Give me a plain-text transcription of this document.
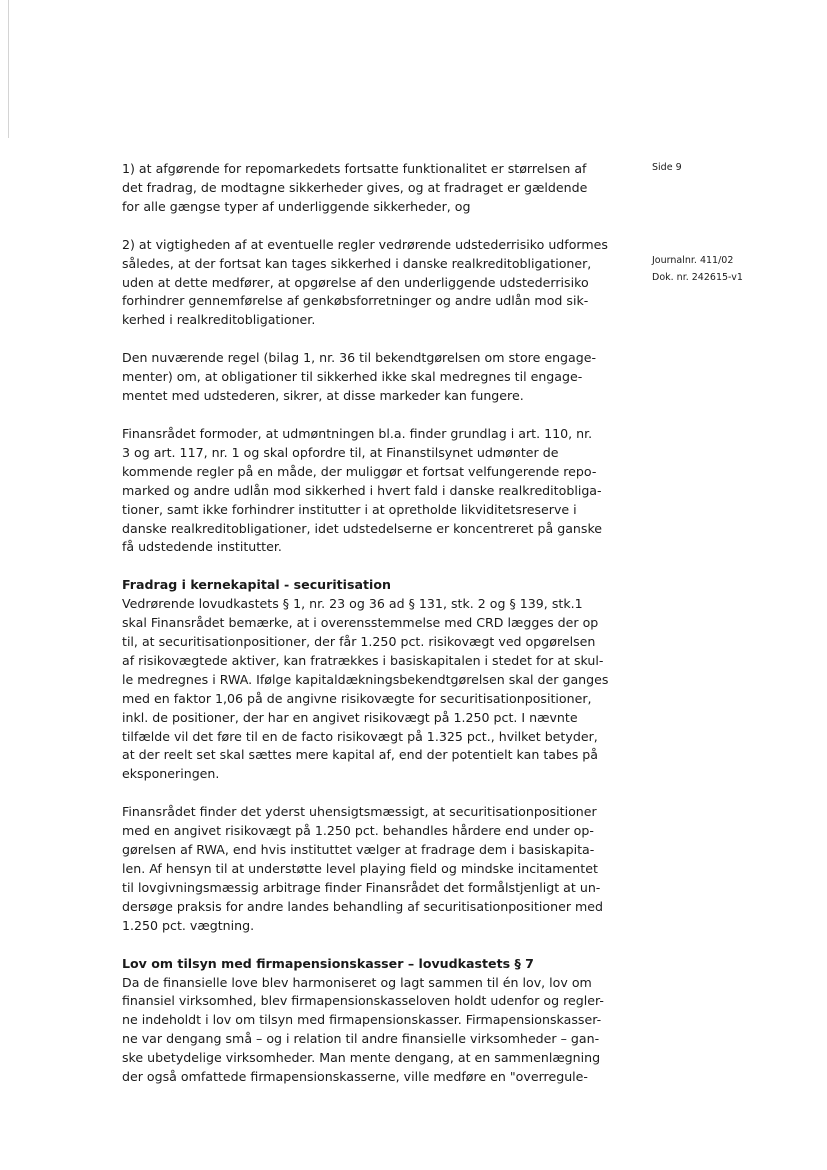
Side 9
Journalnr. 411/02
Dok. nr. 242615-v1

1) at afgørende for repomarkedets fortsatte funktionalitet er størrelsen af
det fradrag, de modtagne sikkerheder gives, og at fradraget er gældende
for alle gængse typer af underliggende sikkerheder, og

2) at vigtigheden af at eventuelle regler vedrørende udstederrisiko udformes
således, at der fortsat kan tages sikkerhed i danske realkreditobligationer,
uden at dette medfører, at opgørelse af den underliggende udstederrisiko
forhindrer gennemførelse af genkøbsforretninger og andre udlån mod sik-
kerhed i realkreditobligationer.

Den nuværende regel (bilag 1, nr. 36 til bekendtgørelsen om store engage-
menter) om, at obligationer til sikkerhed ikke skal medregnes til engage-
mentet med udstederen, sikrer, at disse markeder kan fungere.

Finansrådet formoder, at udmøntningen bl.a. finder grundlag i art. 110, nr.
3 og art. 117, nr. 1 og skal opfordre til, at Finanstilsynet udmønter de
kommende regler på en måde, der muliggør et fortsat velfungerende repo-
marked og andre udlån mod sikkerhed i hvert fald i danske realkreditobliga-
tioner, samt ikke forhindrer institutter i at opretholde likviditetsreserve i
danske realkreditobligationer, idet udstedelserne er koncentreret på ganske
få udstedende institutter.

Fradrag i kernekapital - securitisation

Vedrørende lovudkastets § 1, nr. 23 og 36 ad § 131, stk. 2 og § 139, stk.1
skal Finansrådet bemærke, at i overensstemmelse med CRD lægges der op
til, at securitisationpositioner, der får 1.250 pct. risikovægt ved opgørelsen
af risikovægtede aktiver, kan fratrækkes i basiskapitalen i stedet for at skul-
le medregnes i RWA. Ifølge kapitaldækningsbekendtgørelsen skal der ganges
med en faktor 1,06 på de angivne risikovægte for securitisationpositioner,
inkl. de positioner, der har en angivet risikovægt på 1.250 pct. I nævnte
tilfælde vil det føre til en de facto risikovægt på 1.325 pct., hvilket betyder,
at der reelt set skal sættes mere kapital af, end der potentielt kan tabes på
eksponeringen.

Finansrådet finder det yderst uhensigtsmæssigt, at securitisationpositioner
med en angivet risikovægt på 1.250 pct. behandles hårdere end under op-
gørelsen af RWA, end hvis instituttet vælger at fradrage dem i basiskapita-
len. Af hensyn til at understøtte level playing field og mindske incitamentet
til lovgivningsmæssig arbitrage finder Finansrådet det formålstjenligt at un-
dersøge praksis for andre landes behandling af securitisationpositioner med
1.250 pct. vægtning.

Lov om tilsyn med firmapensionskasser – lovudkastets § 7

Da de finansielle love blev harmoniseret og lagt sammen til én lov, lov om
finansiel virksomhed, blev firmapensionskasseloven holdt udenfor og regler-
ne indeholdt i lov om tilsyn med firmapensionskasser. Firmapensionskasser-
ne var dengang små – og i relation til andre finansielle virksomheder – gan-
ske ubetydelige virksomheder. Man mente dengang, at en sammenlægning
der også omfattede firmapensionskasserne, ville medføre en "overregule-
